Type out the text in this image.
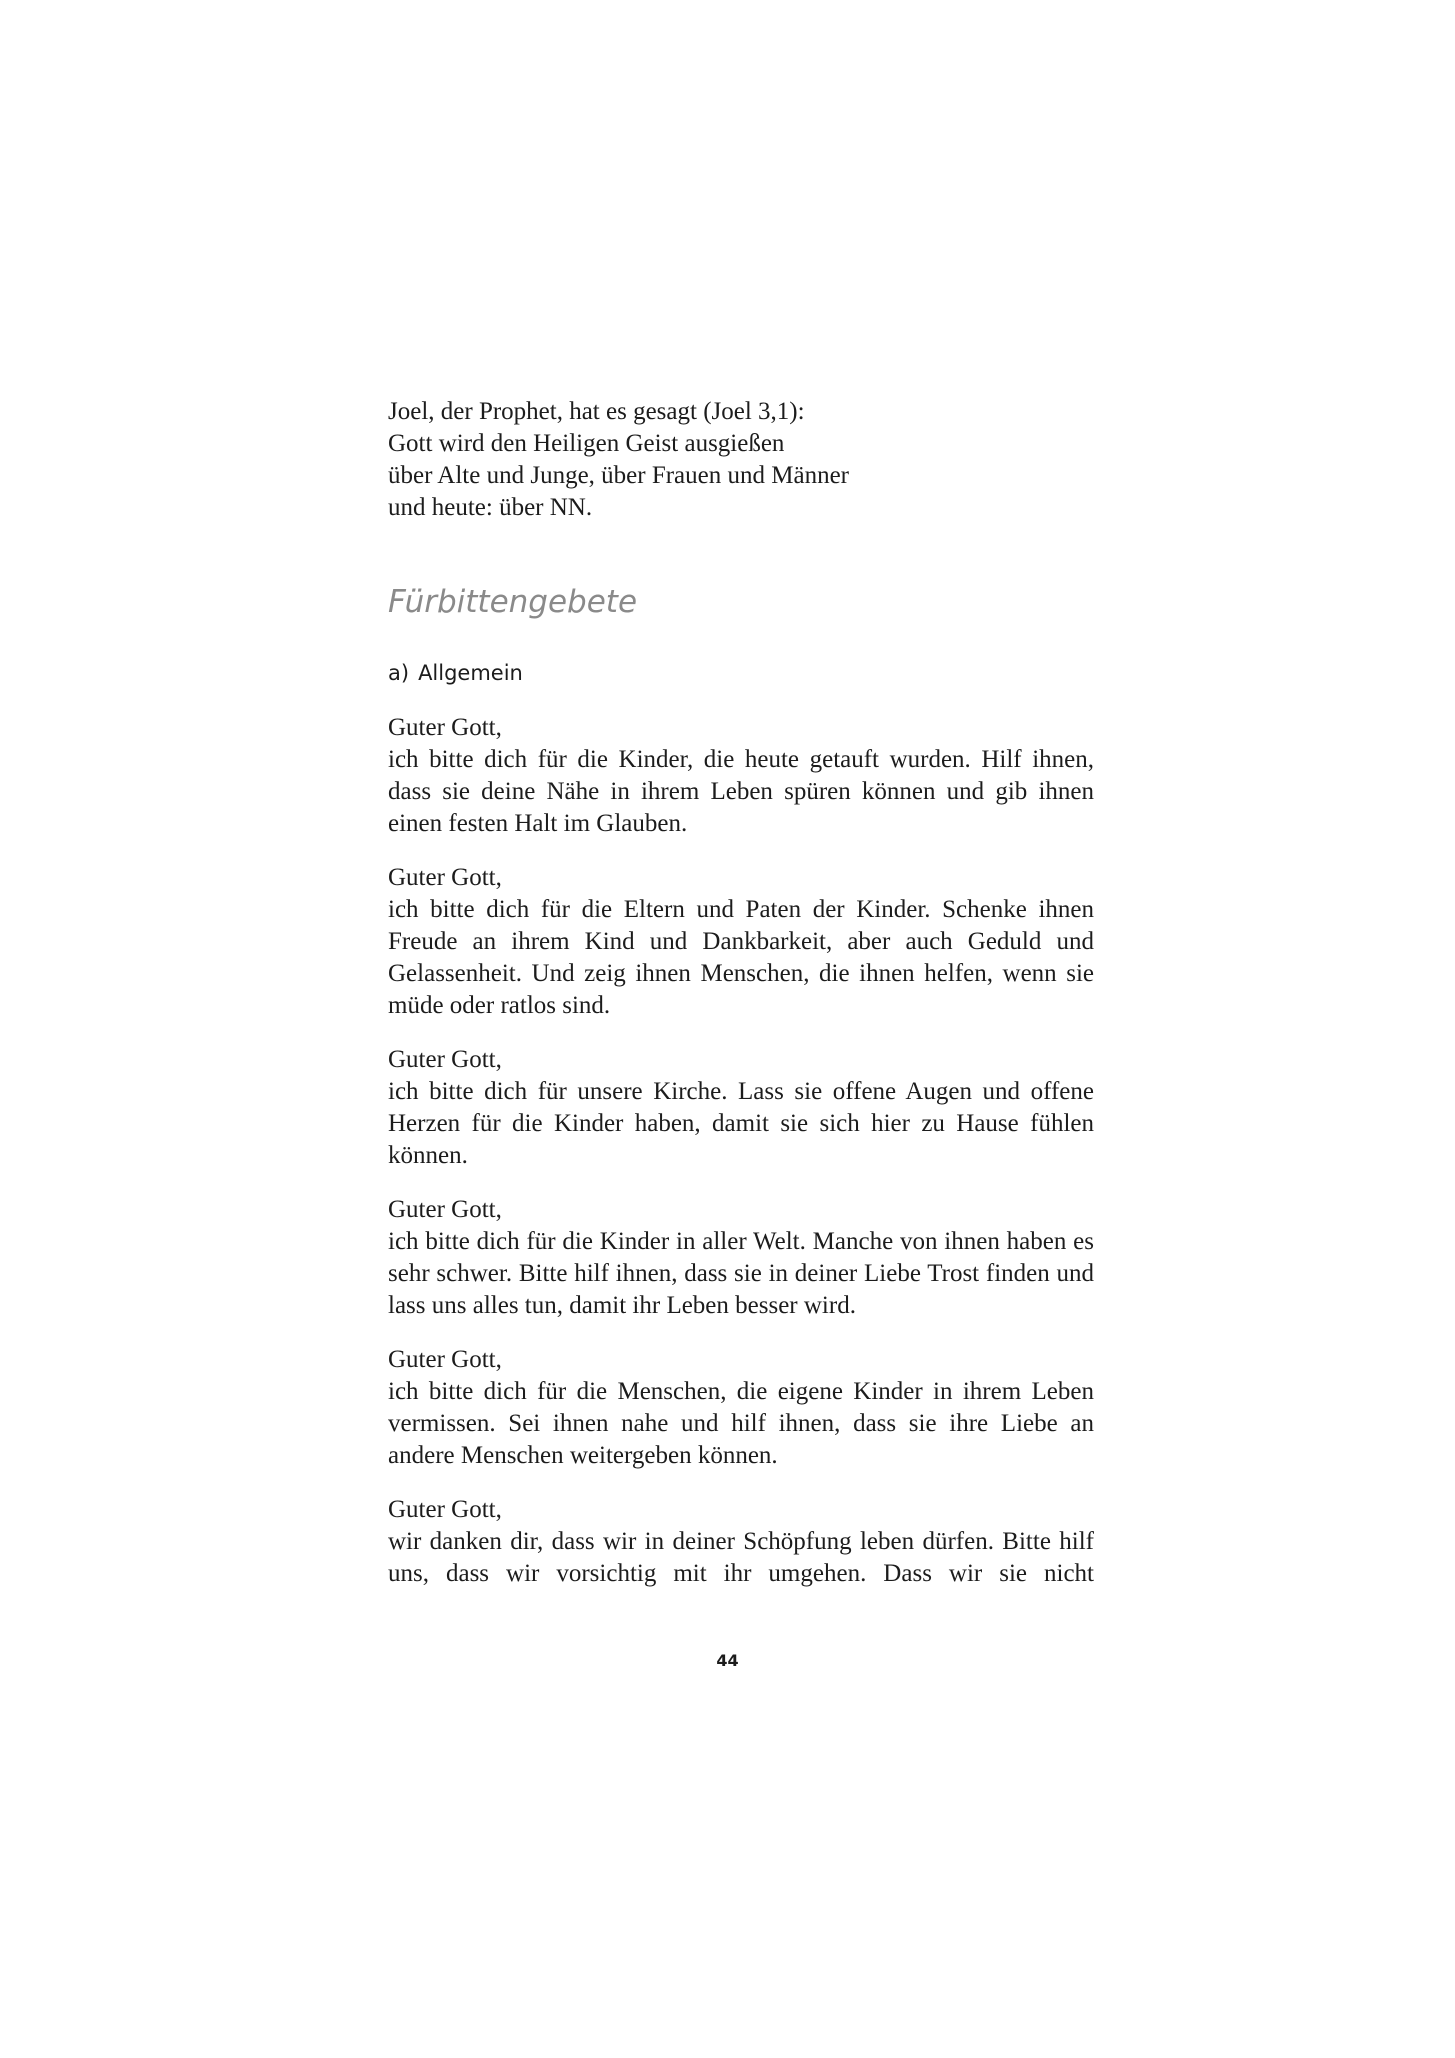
Joel, der Prophet, hat es gesagt (Joel 3,1):
Gott wird den Heiligen Geist ausgießen
über Alte und Junge, über Frauen und Männer
und heute: über NN.
Fürbittengebete
a) Allgemein
Guter Gott,
ich bitte dich für die Kinder, die heute getauft wurden. Hilf ihnen, dass sie deine Nähe in ihrem Leben spüren können und gib ihnen einen festen Halt im Glauben.
Guter Gott,
ich bitte dich für die Eltern und Paten der Kinder. Schenke ihnen Freude an ihrem Kind und Dankbarkeit, aber auch Geduld und Gelassenheit. Und zeig ihnen Menschen, die ihnen helfen, wenn sie müde oder ratlos sind.
Guter Gott,
ich bitte dich für unsere Kirche. Lass sie offene Augen und offene Herzen für die Kinder haben, damit sie sich hier zu Hause fühlen können.
Guter Gott,
ich bitte dich für die Kinder in aller Welt. Manche von ihnen haben es sehr schwer. Bitte hilf ihnen, dass sie in deiner Liebe Trost finden und lass uns alles tun, damit ihr Leben besser wird.
Guter Gott,
ich bitte dich für die Menschen, die eigene Kinder in ihrem Leben vermissen. Sei ihnen nahe und hilf ihnen, dass sie ihre Liebe an andere Menschen weitergeben können.
Guter Gott,
wir danken dir, dass wir in deiner Schöpfung leben dürfen. Bitte hilf uns, dass wir vorsichtig mit ihr umgehen. Dass wir sie nicht
44
